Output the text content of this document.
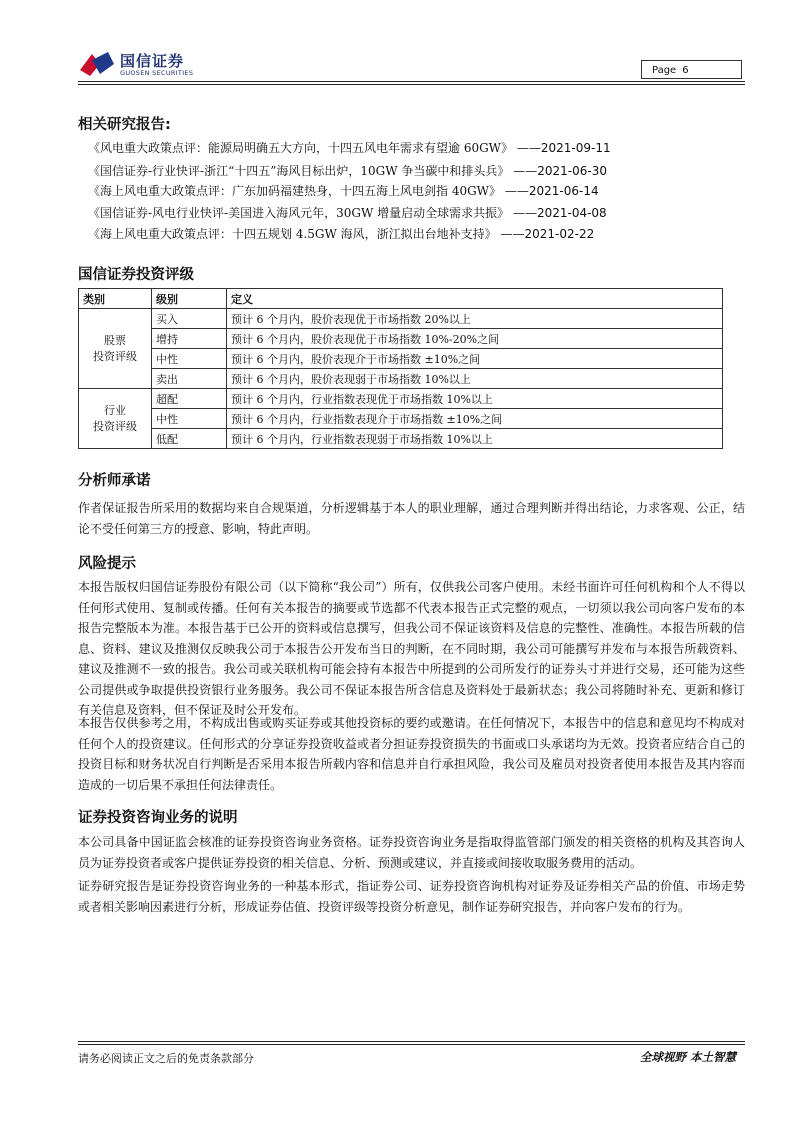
国信证券
GUOSEN SECURITIES	Page 6
相关研究报告:
《风电重大政策点评：能源局明确五大方向，十四五风电年需求有望逾 60GW》 ——2021-09-11
《国信证券-行业快评-浙江“十四五”海风目标出炉，10GW 争当碳中和排头兵》 ——2021-06-30
《海上风电重大政策点评：广东加码福建热身，十四五海上风电剑指 40GW》 ——2021-06-14
《国信证券-风电行业快评-美国进入海风元年，30GW 增量启动全球需求共振》 ——2021-04-08
《海上风电重大政策点评：十四五规划 4.5GW 海风，浙江拟出台地补支持》 ——2021-02-22
国信证券投资评级
类别	级别	定义

股票
投资评级	买入	预计 6 个月内，股价表现优于市场指数 20%以上
	增持	预计 6 个月内，股价表现优于市场指数 10%-20%之间
	中性	预计 6 个月内，股价表现介于市场指数 ±10%之间
	卖出	预计 6 个月内，股价表现弱于市场指数 10%以上

行业
投资评级	超配	预计 6 个月内，行业指数表现优于市场指数 10%以上
	中性	预计 6 个月内，行业指数表现介于市场指数 ±10%之间
	低配	预计 6 个月内，行业指数表现弱于市场指数 10%以上
分析师承诺
作者保证报告所采用的数据均来自合规渠道，分析逻辑基于本人的职业理解，通过合理判断并得出结论，力求客观、公正，结论不受任何第三方的授意、影响，特此声明。
风险提示
本报告版权归国信证券股份有限公司（以下简称“我公司”）所有，仅供我公司客户使用。未经书面许可任何机构和个人不得以任何形式使用、复制或传播。任何有关本报告的摘要或节选都不代表本报告正式完整的观点，一切须以我公司向客户发布的本报告完整版本为准。本报告基于已公开的资料或信息撰写，但我公司不保证该资料及信息的完整性、准确性。本报告所载的信息、资料、建议及推测仅反映我公司于本报告公开发布当日的判断，在不同时期，我公司可能撰写并发布与本报告所载资料、建议及推测不一致的报告。我公司或关联机构可能会持有本报告中所提到的公司所发行的证券头寸并进行交易，还可能为这些公司提供或争取提供投资银行业务服务。我公司不保证本报告所含信息及资料处于最新状态；我公司将随时补充、更新和修订有关信息及资料，但不保证及时公开发布。
本报告仅供参考之用，不构成出售或购买证券或其他投资标的要约或邀请。在任何情况下，本报告中的信息和意见均不构成对任何个人的投资建议。任何形式的分享证券投资收益或者分担证券投资损失的书面或口头承诺均为无效。投资者应结合自己的投资目标和财务状况自行判断是否采用本报告所载内容和信息并自行承担风险，我公司及雇员对投资者使用本报告及其内容而造成的一切后果不承担任何法律责任。
证券投资咨询业务的说明
本公司具备中国证监会核准的证券投资咨询业务资格。证券投资咨询业务是指取得监管部门颁发的相关资格的机构及其咨询人员为证券投资者或客户提供证券投资的相关信息、分析、预测或建议，并直接或间接收取服务费用的活动。
证券研究报告是证券投资咨询业务的一种基本形式，指证券公司、证券投资咨询机构对证券及证券相关产品的价值、市场走势或者相关影响因素进行分析，形成证券估值、投资评级等投资分析意见，制作证券研究报告，并向客户发布的行为。
请务必阅读正文之后的免责条款部分	全球视野 本土智慧
